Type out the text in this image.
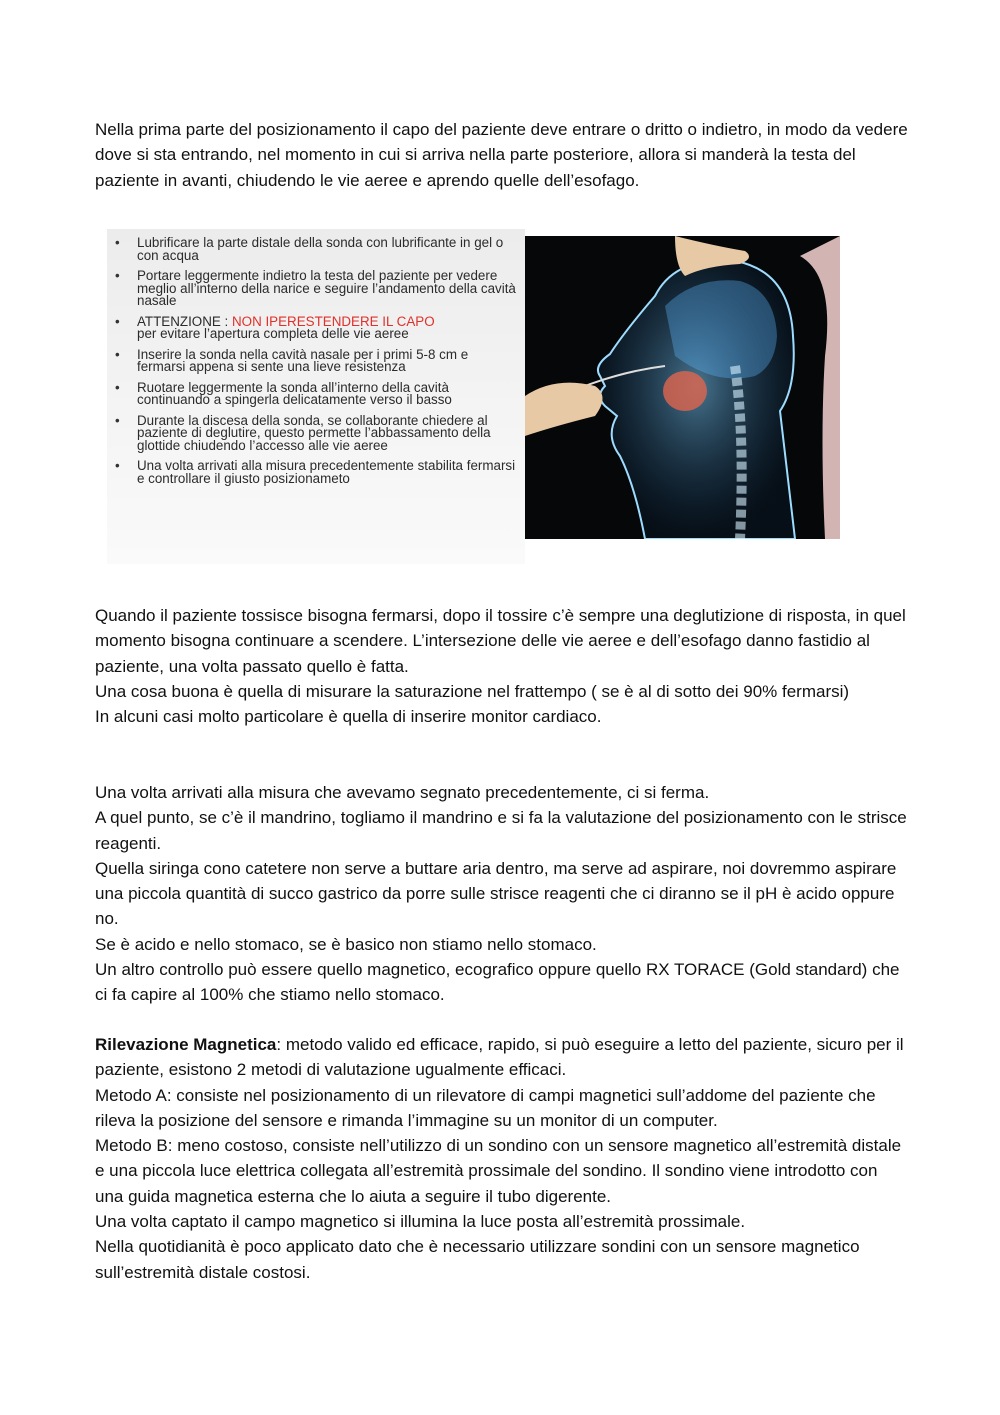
Nella prima parte del posizionamento il capo del paziente deve entrare o dritto o indietro, in modo da vedere dove si sta entrando, nel momento in cui si arriva nella parte posteriore, allora si manderà la testa del paziente in avanti, chiudendo le vie aeree e aprendo quelle dell’esofago.

• Lubrificare la parte distale della sonda con lubrificante in gel o con acqua
• Portare leggermente indietro la testa del paziente per vedere meglio all’interno della narice e seguire l’andamento della cavità nasale
• ATTENZIONE : NON IPERESTENDERE IL CAPO
per evitare l’apertura completa delle vie aeree
• Inserire la sonda nella cavità nasale per i primi 5-8 cm e fermarsi appena si sente una lieve resistenza
• Ruotare leggermente la sonda all’interno della cavità continuando a spingerla delicatamente verso il basso
• Durante la discesa della sonda, se collaborante chiedere al paziente di deglutire, questo permette l’abbassamento della glottide chiudendo l’accesso alle vie aeree
• Una volta arrivati alla misura precedentemente stabilita fermarsi e controllare il giusto posizionameto

Quando il paziente tossisce bisogna fermarsi, dopo il tossire c’è sempre una deglutizione di risposta, in quel momento bisogna continuare a scendere. L’intersezione delle vie aeree e dell’esofago danno fastidio al paziente, una volta passato quello è fatta.

Una cosa buona è quella di misurare la saturazione nel frattempo ( se è al di sotto dei 90% fermarsi)

In alcuni casi molto particolare è quella di inserire monitor cardiaco.

Una volta arrivati alla misura che avevamo segnato precedentemente, ci si ferma.

A quel punto, se c’è il mandrino, togliamo il mandrino e si fa la valutazione del posizionamento con le strisce reagenti.

Quella siringa cono catetere non serve a buttare aria dentro, ma serve ad aspirare, noi dovremmo aspirare una piccola quantità di succo gastrico da porre sulle strisce reagenti che ci diranno se il pH è acido oppure no.

Se è acido e nello stomaco, se è basico non stiamo nello stomaco.

Un altro controllo può essere quello magnetico, ecografico oppure quello RX TORACE (Gold standard) che ci fa capire al 100% che stiamo nello stomaco.

Rilevazione Magnetica: metodo valido ed efficace, rapido, si può eseguire a letto del paziente, sicuro per il paziente, esistono 2 metodi di valutazione ugualmente efficaci.

Metodo A: consiste nel posizionamento di un rilevatore di campi magnetici sull’addome del paziente che rileva la posizione del sensore e rimanda l’immagine su un monitor di un computer.

Metodo B: meno costoso, consiste nell’utilizzo di un sondino con un sensore magnetico all’estremità distale e una piccola luce elettrica collegata all’estremità prossimale del sondino. Il sondino viene introdotto con una guida magnetica esterna che lo aiuta a seguire il tubo digerente.

Una volta captato il campo magnetico si illumina la luce posta all’estremità prossimale.

Nella quotidianità è poco applicato dato che è necessario utilizzare sondini con un sensore magnetico sull’estremità distale costosi.
